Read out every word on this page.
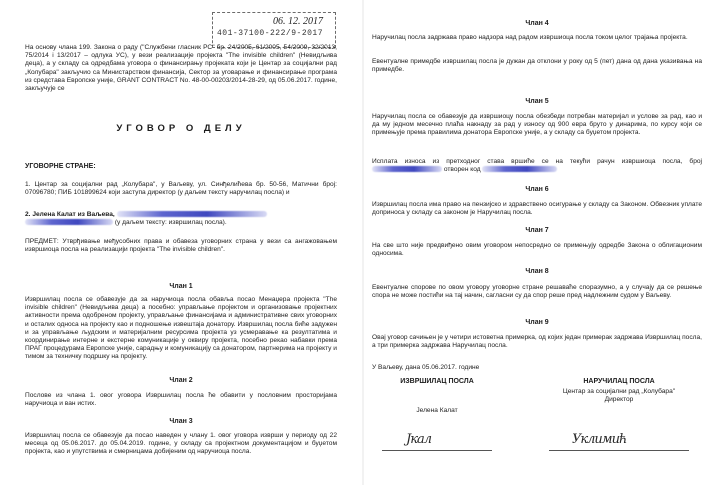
06. 12. 2017
401-37100-222/9-2017
На основу члана 199. Закона о раду ("Службени гласник РС" бр. 24/2005, 61/2005, 54/2009, 32/2013, 75/2014 i 13/2017 – одлука УС), у вези реализације пројекта "The invisible children" (Невидљива деца), а у складу са одредбама уговора о финансирању пројеката који је Центар за социјални рад „Колубара" закључио са Министарством финансија, Сектор за уговарање и финансирање програма из средстава Европске уније, GRANT CONTRACT No. 48-00-00203/2014-28-29, од 05.06.2017. године, закључује се
УГОВОР О ДЕЛУ
УГОВОРНЕ СТРАНЕ:
1. Центар за социјални рад „Колубара", у Ваљеву, ул. Синђелићева бр. 50-56, Матични број: 07096780; ПИБ 101899624 који заступа директор (у даљем тексту наручилац посла) и
2. Јелена Калат из Ваљева,
(у даљем тексту: извршилац посла).
ПРЕДМЕТ: Утврђивање међусобних права и обавеза уговорних страна у вези са ангажовањем извршиоца посла на реализацији пројекта "The invisible children".
Члан 1
Извршилац посла се обавезује да за наручиоца посла обавља посао Менаџера пројекта "The invisible children" (Невидљива деца) а посебно: управљање пројектом и организовање пројектних активности према одобреном пројекту, управљање финансијама и административне свих уговорних и осталих односа на пројекту као и подношење извештаја донатору. Извршилац посла биће задужен и за управљање људским и материјалним ресурсима пројекта уз усмеравање ка резултатима и координирање интерне и екстерне комуникације у оквиру пројекта, посебно рекао набавки према ПРАГ процедурама Европске уније, сарадњу и комуникацију са донатором, партнерима на пројекту и тимом за техничку подршку на пројекту.
Члан 2
Послове из члана 1. овог уговора Извршилац посла ће обавити у пословним просторијама наручиоца и ван истих.
Члан 3
Извршилац посла се обавезује да посао наведен у члану 1. овог уговора изврши у периоду од 22 месеца од 05.06.2017. до 05.04.2019. године, у складу са пројектном документацијом и буџетом пројекта, као и упутствима и смерницама добијеним од наручиоца посла.
Члан 4
Наручилац посла задржава право надзора над радом извршиоца посла током целог трајања пројекта.
Евентуалне примедбе извршилац посла је дужан да отклони у року од 5 (пет) дана од дана указивања на примедбе.
Члан 5
Наручилац посла се обавезује да извршиоцу посла обезбеди потребан материјал и услове за рад, као и да му једном месечно плаћа накнаду за рад у износу од 900 евра бруто у динарима, по курсу који се примењује према правилима донатора Европске уније, а у складу са буџетом пројекта.
Исплата износа из претходног става вршиће се на текући рачун извршиоца посла, број  отворен код
Члан 6
Извршилац посла има право на пензијско и здравствено осигурање у складу са Законом. Обвезник уплате доприноса у складу са законом је Наручилац посла.
Члан 7
На све што није предвиђено овим уговором непосредно се примењују одредбе Закона о облигационим односима.
Члан 8
Евентуалне спорове по овом уговору уговорне стране решаваће споразумно, а у случају да се решење спора не може постићи на тај начин, сагласни су да спор реше пред надлежним судом у Ваљеву.
Члан 9
Овај уговор сачињен је у четири истоветна примерка, од којих један примерак задржава Извршилац посла, а три примерка задржава Наручилац посла.
У Ваљеву, дана 05.06.2017. године
ИЗВРШИЛАЦ ПОСЛА
Јелена Калат
НАРУЧИЛАЦ ПОСЛА
Центар за социјални рад „Колубара"
Директор
Јкал	Уклимић
